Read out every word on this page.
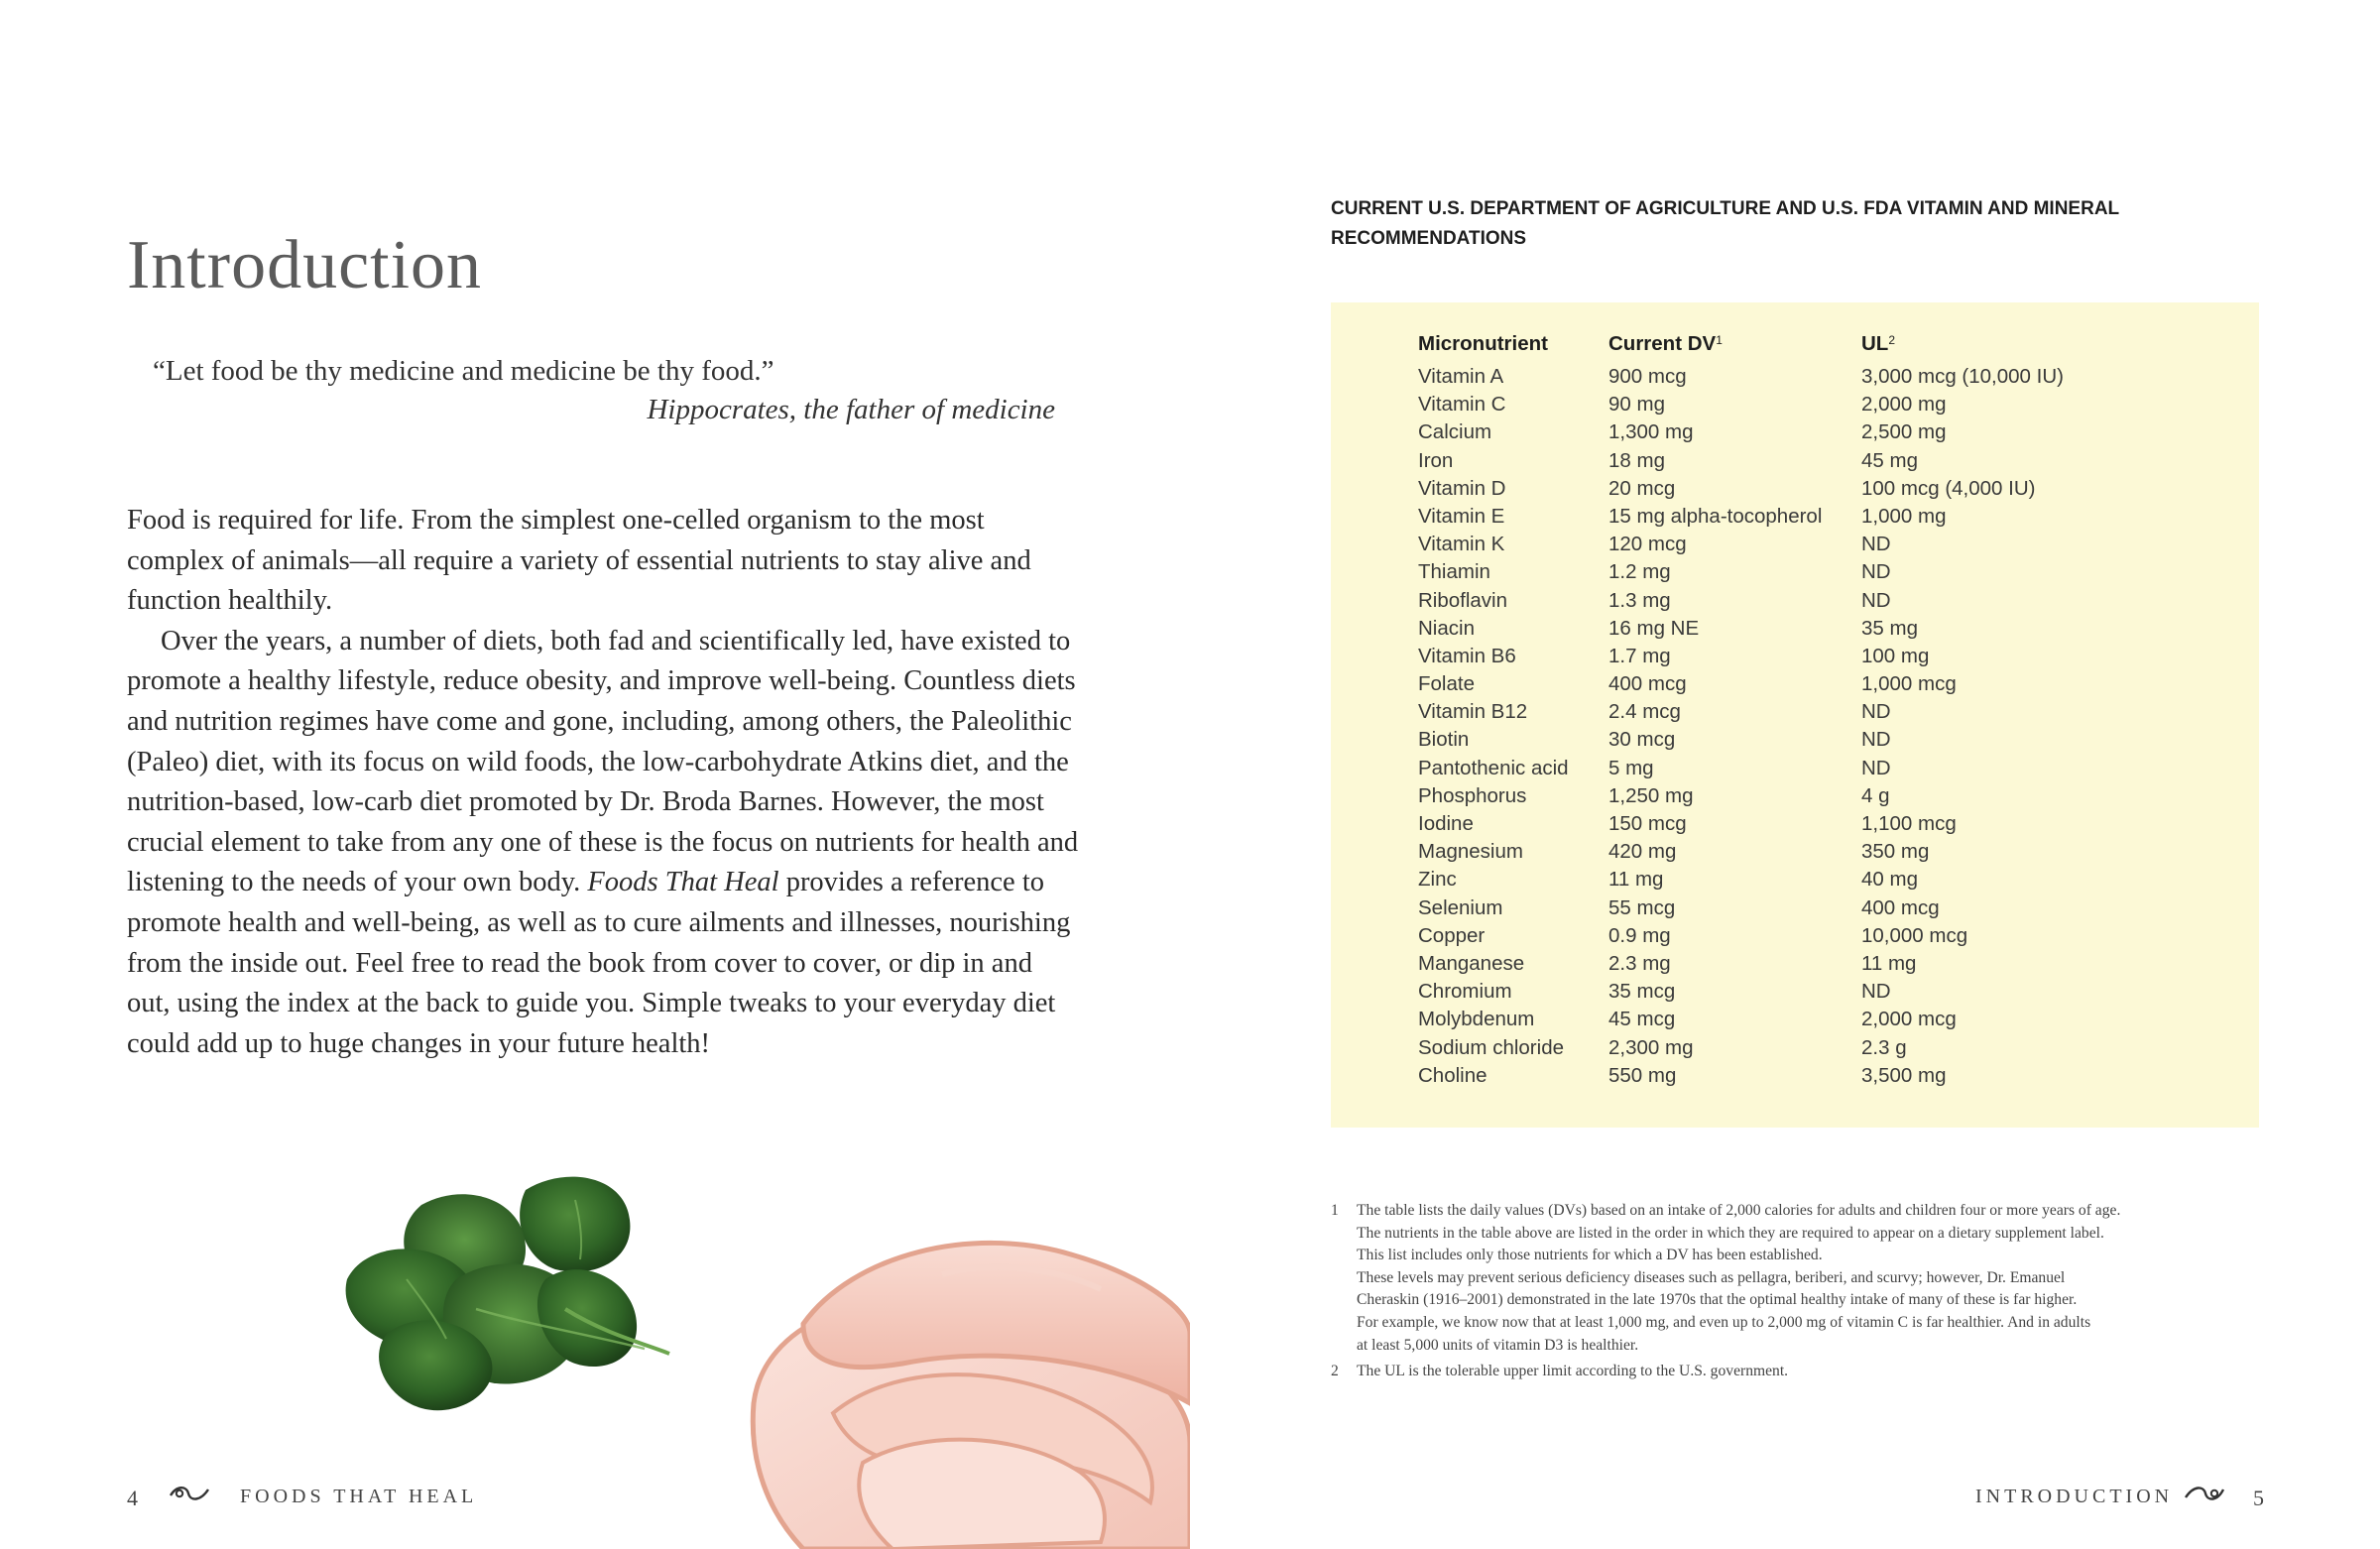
Introduction
“Let food be thy medicine and medicine be thy food.”
Hippocrates, the father of medicine

Food is required for life. From the simplest one-celled organism to the most complex of animals—all require a variety of essential nutrients to stay alive and function healthily.

Over the years, a number of diets, both fad and scientifically led, have existed to promote a healthy lifestyle, reduce obesity, and improve well-being. Countless diets and nutrition regimes have come and gone, including, among others, the Paleolithic (Paleo) diet, with its focus on wild foods, the low-carbohydrate Atkins diet, and the nutrition-based, low-carb diet promoted by Dr. Broda Barnes. However, the most crucial element to take from any one of these is the focus on nutrients for health and listening to the needs of your own body. Foods That Heal provides a reference to promote health and well-being, as well as to cure ailments and illnesses, nourishing from the inside out. Feel free to read the book from cover to cover, or dip in and out, using the index at the back to guide you. Simple tweaks to your everyday diet could add up to huge changes in your future health!

4	FOODS THAT HEAL
CURRENT U.S. DEPARTMENT OF AGRICULTURE AND U.S. FDA VITAMIN AND MINERAL RECOMMENDATIONS
Micronutrient	Current $DV^1$	$UL^2$
Vitamin A	900 mcg	3,000 mcg (10,000 IU)
Vitamin C	90 mg	2,000 mg
Calcium	1,300 mg	2,500 mg
Iron	18 mg	45 mg
Vitamin D	20 mcg	100 mcg (4,000 IU)
Vitamin E	15 mg alpha-tocopherol	1,000 mg
Vitamin K	120 mcg	ND
Thiamin	1.2 mg	ND
Riboflavin	1.3 mg	ND
Niacin	16 mg NE	35 mg
Vitamin B6	1.7 mg	100 mg
Folate	400 mcg	1,000 mcg
Vitamin B12	2.4 mcg	ND
Biotin	30 mcg	ND
Pantothenic acid	5 mg	ND
Phosphorus	1,250 mg	4 g
Iodine	150 mcg	1,100 mcg
Magnesium	420 mg	350 mg
Zinc	11 mg	40 mg
Selenium	55 mcg	400 mcg
Copper	0.9 mg	10,000 mcg
Manganese	2.3 mg	11 mg
Chromium	35 mcg	ND
Molybdenum	45 mcg	2,000 mcg
Sodium chloride	2,300 mg	2.3 g
Choline	550 mg	3,500 mg
1 The table lists the daily values (DVs) based on an intake of 2,000 calories for adults and children four or more years of age.
The nutrients in the table above are listed in the order in which they are required to appear on a dietary supplement label.
This list includes only those nutrients for which a DV has been established.
These levels may prevent serious deficiency diseases such as pellagra, beriberi, and scurvy; however, Dr. Emanuel
Cheraskin (1916–2001) demonstrated in the late 1970s that the optimal healthy intake of many of these is far higher.
For example, we know now that at least 1,000 mg, and even up to 2,000 mg of vitamin C is far healthier. And in adults
at least 5,000 units of vitamin D3 is healthier.
2 The UL is the tolerable upper limit according to the U.S. government.
INTRODUCTION	5
